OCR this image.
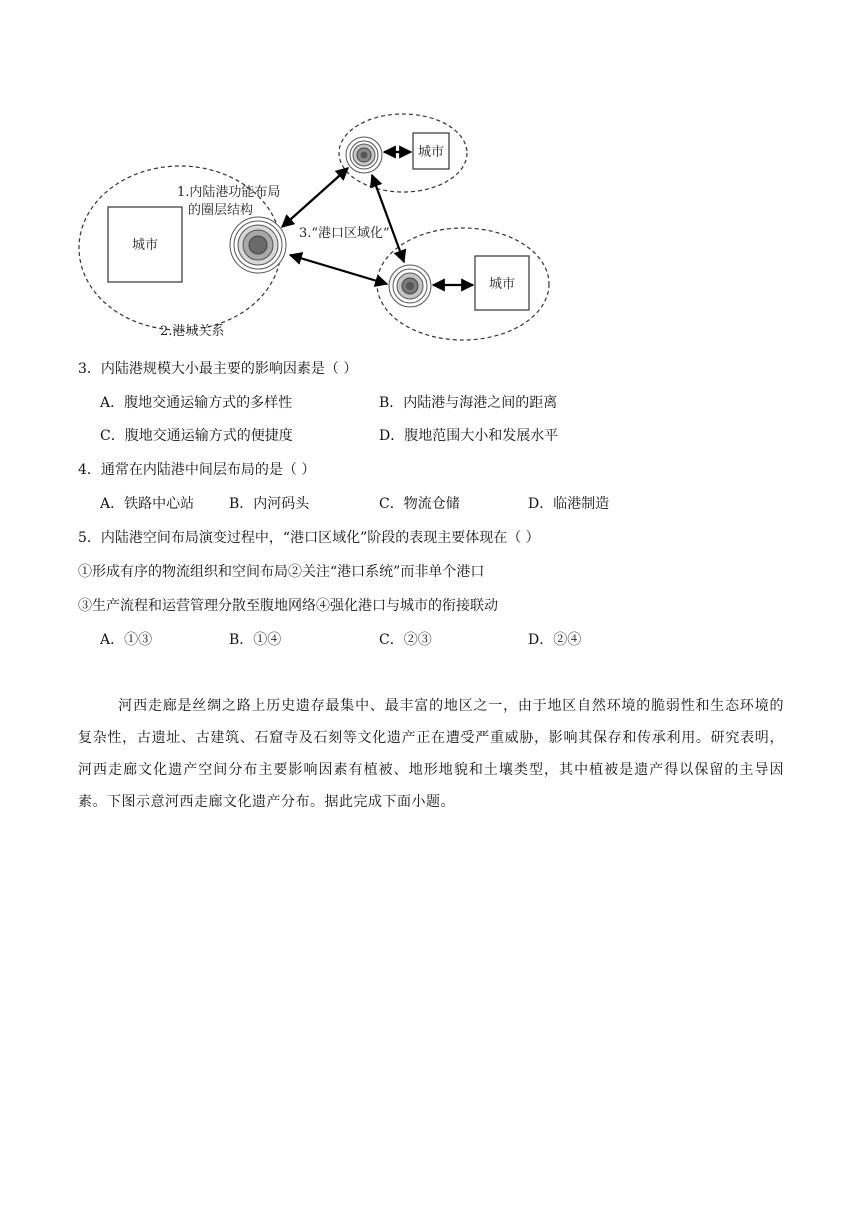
城市
城市
城市
1.内陆港功能布局
的圈层结构
3.“港口区域化”
2.港城关系
3．内陆港规模大小最主要的影响因素是（ ）
A．腹地交通运输方式的多样性	B．内陆港与海港之间的距离
C．腹地交通运输方式的便捷度	D．腹地范围大小和发展水平
4．通常在内陆港中间层布局的是（ ）
A．铁路中心站 B．内河码头	C．物流仓储	D．临港制造
5．内陆港空间布局演变过程中，“港口区域化”阶段的表现主要体现在（ ）
①形成有序的物流组织和空间布局②关注“港口系统”而非单个港口
③生产流程和运营管理分散至腹地网络④强化港口与城市的衔接联动
A．①③	B．①④	C．②③	D．②④
河西走廊是丝绸之路上历史遗存最集中、最丰富的地区之一，由于地区自然环境的脆弱性和生态环境的复杂性，古遗址、古建筑、石窟寺及石刻等文化遗产正在遭受严重威胁，影响其保存和传承利用。研究表明，河西走廊文化遗产空间分布主要影响因素有植被、地形地貌和土壤类型，其中植被是遗产得以保留的主导因素。下图示意河西走廊文化遗产分布。据此完成下面小题。
